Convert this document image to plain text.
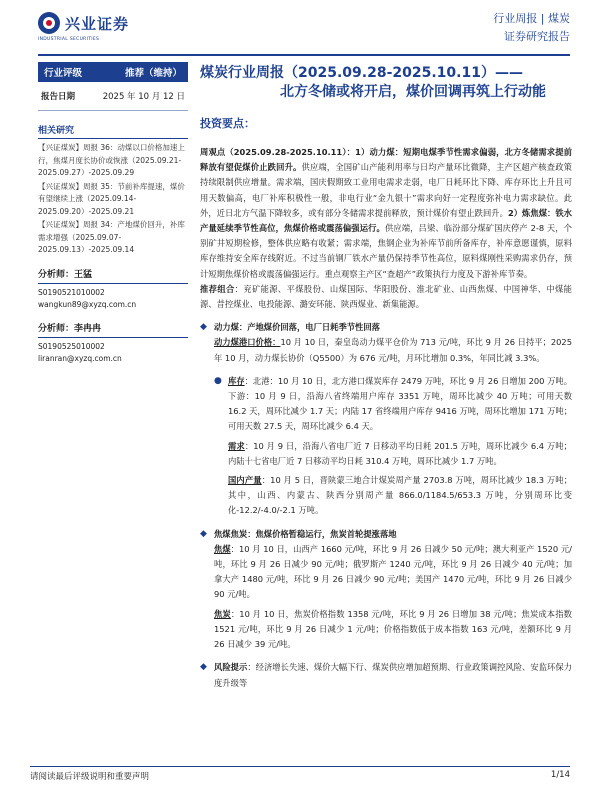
兴业证券
INDUSTRIAL SECURITIES
行业周报 | 煤炭
证券研究报告
行业评级	推荐（维持）
报告日期	2025 年 10 月 12 日
相关研究
【兴证煤炭】周报 36：动煤以口价格加速上行，焦煤月度长协价或恢涨（2025.09.21-2025.09.27）-2025.09.29
【兴证煤炭】周报 35：节前补库提速，煤价有望继续上涨（2025.09.14-2025.09.20）-2025.09.21
【兴证煤炭】周报 34：产地煤价回升，补库需求增强（2025.09.07-2025.09.13）-2025.09.14
分析师：王猛
S0190521010002
wangkun89@xyzq.com.cn
分析师：李冉冉
S0190525010002
liranran@xyzq.com.cn
煤炭行业周报（2025.09.28-2025.10.11）——
北方冬储或将开启，煤价回调再筑上行动能
投资要点：
周观点（2025.09.28-2025.10.11）：1）动力煤：短期电煤季节性需求偏弱，北方冬储需求提前释放有望促煤价止跌回升。供应端，全国矿山产能利用率与日均产量环比微降，主产区超产核查政策持续限制供应增量。需求端，国庆假期致工业用电需求走弱，电厂日耗环比下降、库存环比上升且可用天数偏高，电厂补库积极性一般，非电行业“金九银十”需求向好一定程度弥补电力需求缺位。此外，近日北方气温下降较多，或有部分冬储需求提前释放，预计煤价有望止跌回升。2）炼焦煤：铁水产量延续季节性高位，焦煤价格或震荡偏强运行。供应端，吕梁、临汾部分煤矿国庆停产 2-8 天，个别矿井短期检修，整体供应略有收紧；需求端，焦钢企业为补库节前所备库存，补库意愿谨慎，原料库存维持安全库存线附近。不过当前钢厂铁水产量仍保持季节性高位，原料煤刚性采购需求仍存，预计短期焦煤价格或震荡偏强运行。重点观察主产区“查超产”政策执行力度及下游补库节奏。
推荐组合：兖矿能源、平煤股份、山煤国际、华阳股份、淮北矿业、山西焦煤、中国神华、中煤能源、昔控煤业、电投能源、潞安环能、陕西煤业、新集能源。
◆ 动力煤：产地煤价回落，电厂日耗季节性回落
动力煤港口价格：10 月 10 日，秦皇岛动力煤平仓价为 713 元/吨，环比 9 月 26 日持平；2025 年 10 月，动力煤长协价（Q5500）为 676 元/吨，月环比增加 0.3%，年同比减 3.3%。
● 库存：北港：10 月 10 日，北方港口煤炭库存 2479 万吨，环比 9 月 26 日增加 200 万吨。下游：10 月 9 日，沿海八省终端用户库存 3351 万吨，周环比减少 40 万吨；可用天数 16.2 天，周环比减少 1.7 天；内陆 17 省终端用户库存 9416 万吨，周环比增加 171 万吨；可用天数 27.5 天，周环比减少 6.4 天。
需求：10 月 9 日，沿海八省电厂近 7 日移动平均日耗 201.5 万吨，周环比减少 6.4 万吨；内陆十七省电厂近 7 日移动平均日耗 310.4 万吨，周环比减少 1.7 万吨。
国内产量：10 月 5 日，晋陕蒙三地合计煤炭周产量 2703.8 万吨，周环比减少 18.3 万吨；其中，山西、内蒙古、陕西分别周产量 866.0/1184.5/653.3 万吨，分别周环比变化-12.2/-4.0/-2.1 万吨。
◆ 焦煤焦炭：焦煤价格暂稳运行，焦炭首轮提涨落地
焦煤：10 月 10 日，山西产 1660 元/吨，环比 9 月 26 日减少 50 元/吨；澳大利亚产 1520 元/吨，环比 9 月 26 日减少 90 元/吨；俄罗斯产 1240 元/吨，环比 9 月 26 日减少 40 元/吨；加拿大产 1480 元/吨，环比 9 月 26 日减少 90 元/吨；美国产 1470 元/吨，环比 9 月 26 日减少 90 元/吨。
焦炭：10 月 10 日，焦炭价格指数 1358 元/吨，环比 9 月 26 日增加 38 元/吨；焦炭成本指数 1521 元/吨，环比 9 月 26 日减少 1 元/吨；价格指数低于成本指数 163 元/吨，差额环比 9 月 26 日减少 39 元/吨。
◆ 风险提示：经济增长失速、煤价大幅下行、煤炭供应增加超预期、行业政策调控风险、安监环保力度升级等
请阅读最后评级说明和重要声明	1/14
